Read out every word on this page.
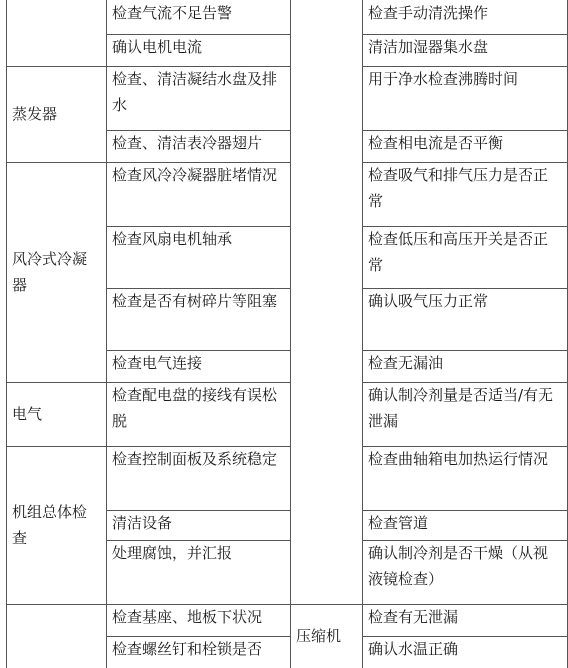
蒸发器
风冷式冷凝器
电气
机组总体检查
检查气流不足告警
确认电机电流
检查、清洁凝结水盘及排水
检查、清洁表冷器翅片
检查风冷冷凝器脏堵情况
检查风扇电机轴承
检查是否有树碎片等阻塞
检查电气连接
检查配电盘的接线有误松脱
检查控制面板及系统稳定
清洁设备
处理腐蚀，并汇报
检查基座、地板下状况
检查螺丝钉和栓锁是否
压缩机
检查手动清洗操作
清洁加湿器集水盘
用于净水检查沸腾时间
检查相电流是否平衡
检查吸气和排气压力是否正常
检查低压和高压开关是否正常
确认吸气压力正常
检查无漏油
确认制冷剂量是否适当/有无泄漏
检查曲轴箱电加热运行情况
检查管道
确认制冷剂是否干燥（从视液镜检查）
检查有无泄漏
确认水温正确
